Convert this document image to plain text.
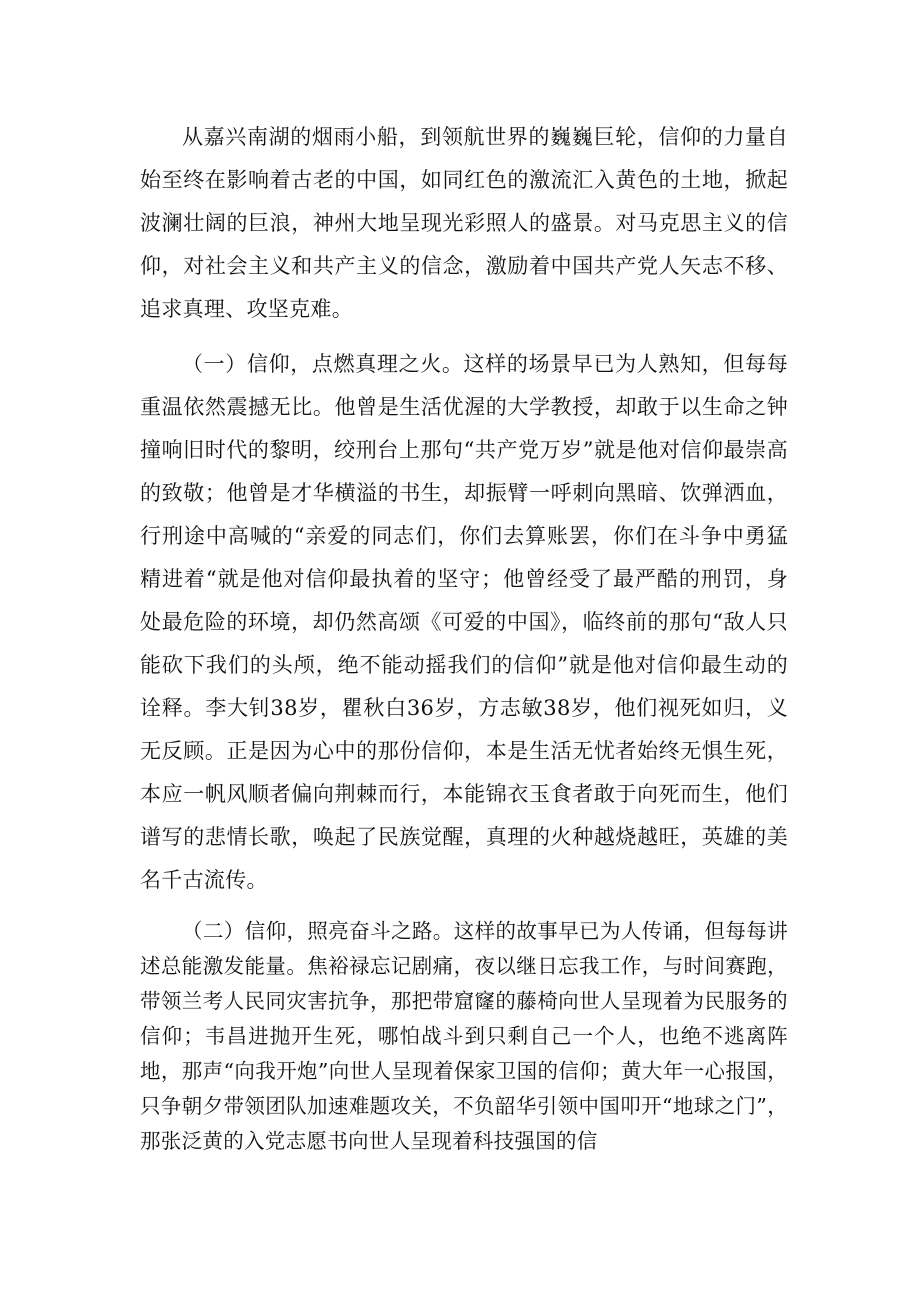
从嘉兴南湖的烟雨小船，到领航世界的巍巍巨轮，信仰的力量自始至终在影响着古老的中国，如同红色的激流汇入黄色的土地，掀起波澜壮阔的巨浪，神州大地呈现光彩照人的盛景。对马克思主义的信仰，对社会主义和共产主义的信念，激励着中国共产党人矢志不移、追求真理、攻坚克难。

（一）信仰，点燃真理之火。这样的场景早已为人熟知，但每每重温依然震撼无比。他曾是生活优渥的大学教授，却敢于以生命之钟撞响旧时代的黎明，绞刑台上那句“共产党万岁”就是他对信仰最崇高的致敬；他曾是才华横溢的书生，却振臂一呼刺向黑暗、饮弹洒血，行刑途中高喊的“亲爱的同志们，你们去算账罢，你们在斗争中勇猛精进着“就是他对信仰最执着的坚守；他曾经受了最严酷的刑罚，身处最危险的环境，却仍然高颂《可爱的中国》，临终前的那句“敌人只能砍下我们的头颅，绝不能动摇我们的信仰”就是他对信仰最生动的诠释。李大钊38岁，瞿秋白36岁，方志敏38岁，他们视死如归，义无反顾。正是因为心中的那份信仰，本是生活无忧者始终无惧生死，本应一帆风顺者偏向荆棘而行，本能锦衣玉食者敢于向死而生，他们谱写的悲情长歌，唤起了民族觉醒，真理的火种越烧越旺，英雄的美名千古流传。

（二）信仰，照亮奋斗之路。这样的故事早已为人传诵，但每每讲述总能激发能量。焦裕禄忘记剧痛，夜以继日忘我工作，与时间赛跑，带领兰考人民同灾害抗争，那把带窟窿的藤椅向世人呈现着为民服务的信仰；韦昌进抛开生死，哪怕战斗到只剩自己一个人，也绝不逃离阵地，那声“向我开炮”向世人呈现着保家卫国的信仰；黄大年一心报国，只争朝夕带领团队加速难题攻关，不负韶华引领中国叩开“地球之门”，那张泛黄的入党志愿书向世人呈现着科技强国的信
